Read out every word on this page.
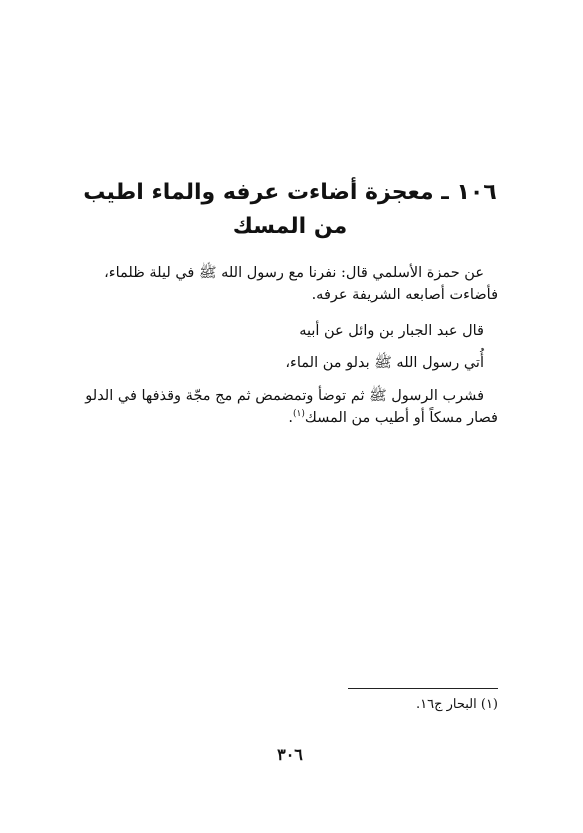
١٠٦ ـ معجزة أضاءت عرفه والماء اطيب
من المسك
عن حمزة الأسلمي قال: نفرنا مع رسول الله ﷺ في ليلة ظلماء،
فأضاءت أصابعه الشريفة عرفه.
قال عبد الجبار بن وائل عن أبيه
أُتي رسول الله ﷺ بدلو من الماء،
فشرب الرسول ﷺ ثم توضأ وتمضمض ثم مج مجّة وقذفها في الدلو
فصار مسكاً أو أطيب من المسك$^{(١)}$.
(١) البحار ج١٦.
٣٠٦
